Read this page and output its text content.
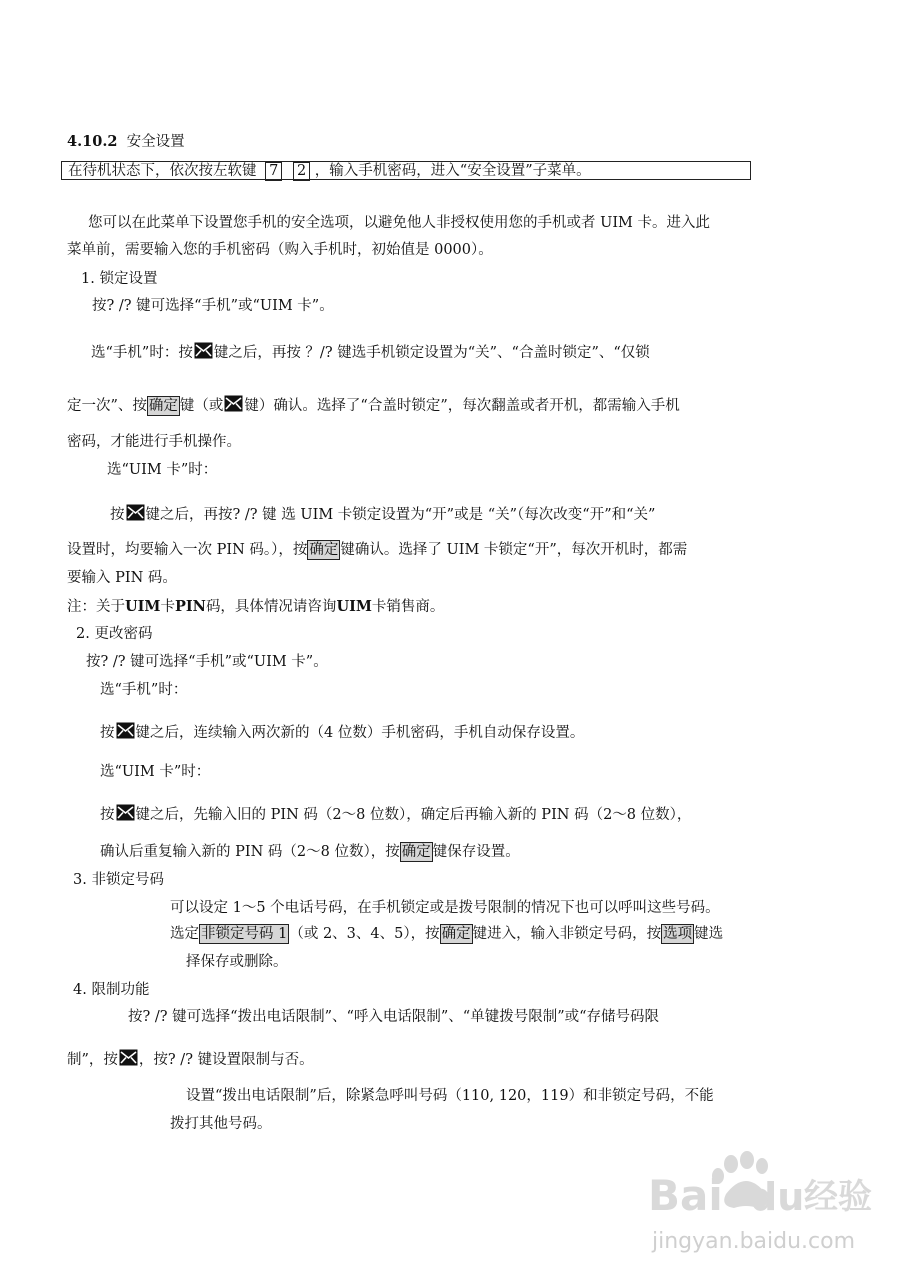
4.10.2 安全设置
在待机状态下，依次按左软键 7 2 ，输入手机密码，进入“安全设置”子菜单。
您可以在此菜单下设置您手机的安全选项，以避免他人非授权使用您的手机或者 UIM 卡。进入此
菜单前，需要输入您的手机密码（购入手机时，初始值是 0000）。
1. 锁定设置
按? /? 键可选择“手机”或“UIM 卡”。
选“手机”时：按 键之后，再按 ？/? 键选手机锁定设置为“关”、“合盖时锁定”、“仅锁
定一次”、按 确定 键（或 键）确认。选择了“合盖时锁定”，每次翻盖或者开机，都需输入手机
密码，才能进行手机操作。
选“UIM 卡”时：
按 键之后，再按? /? 键 选 UIM 卡锁定设置为“开”或是 “关”（每次改变“开”和“关”
设置时，均要输入一次 PIN 码。），按 确定 键确认。选择了 UIM 卡锁定“开”，每次开机时，都需
要输入 PIN 码。
注：关于UIM卡PIN码，具体情况请咨询UIM卡销售商。
2. 更改密码
按? /? 键可选择“手机”或“UIM 卡”。
选“手机”时：
按 键之后，连续输入两次新的（4 位数）手机密码，手机自动保存设置。
选“UIM 卡”时：
按 键之后，先输入旧的 PIN 码（2～8 位数），确定后再输入新的 PIN 码（2～8 位数），
确认后重复输入新的 PIN 码（2～8 位数），按 确定 键保存设置。
3. 非锁定号码
可以设定 1～5 个电话号码，在手机锁定或是拨号限制的情况下也可以呼叫这些号码。
选定 非锁定号码 1 （或 2、3、4、5），按 确定 键进入，输入非锁定号码，按 选项 键选
择保存或删除。
4. 限制功能
按? /? 键可选择“拨出电话限制”、“呼入电话限制”、“单键拨号限制”或“存储号码限
制”，按 ，按? /? 键设置限制与否。
设置“拨出电话限制”后，除紧急呼叫号码（110, 120，119）和非锁定号码，不能
拨打其他号码。
Bai du 经验
jingyan.baidu.com
